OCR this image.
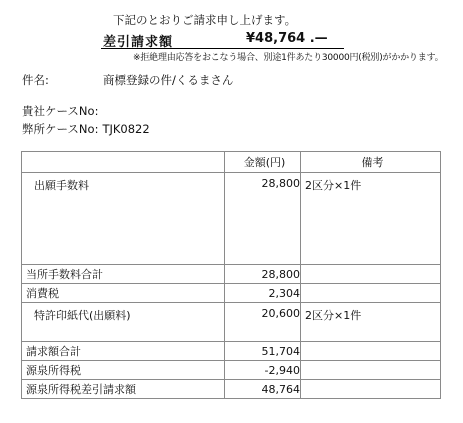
下記のとおりご請求申し上げます。
差引請求額	¥48,764 .—
※拒絶理由応答をおこなう場合、別途1件あたり30000円(税別)がかかります。
件名:	商標登録の件/くるまさん
貴社ケースNo:
弊所ケースNo: TJK0822
	金額(円)	備考
出願手数料	28,800	2区分×1件
当所手数料合計	28,800	
消費税	2,304	
特許印紙代(出願料)	20,600	2区分×1件
請求額合計	51,704	
源泉所得税	-2,940	
源泉所得税差引請求額	48,764	
